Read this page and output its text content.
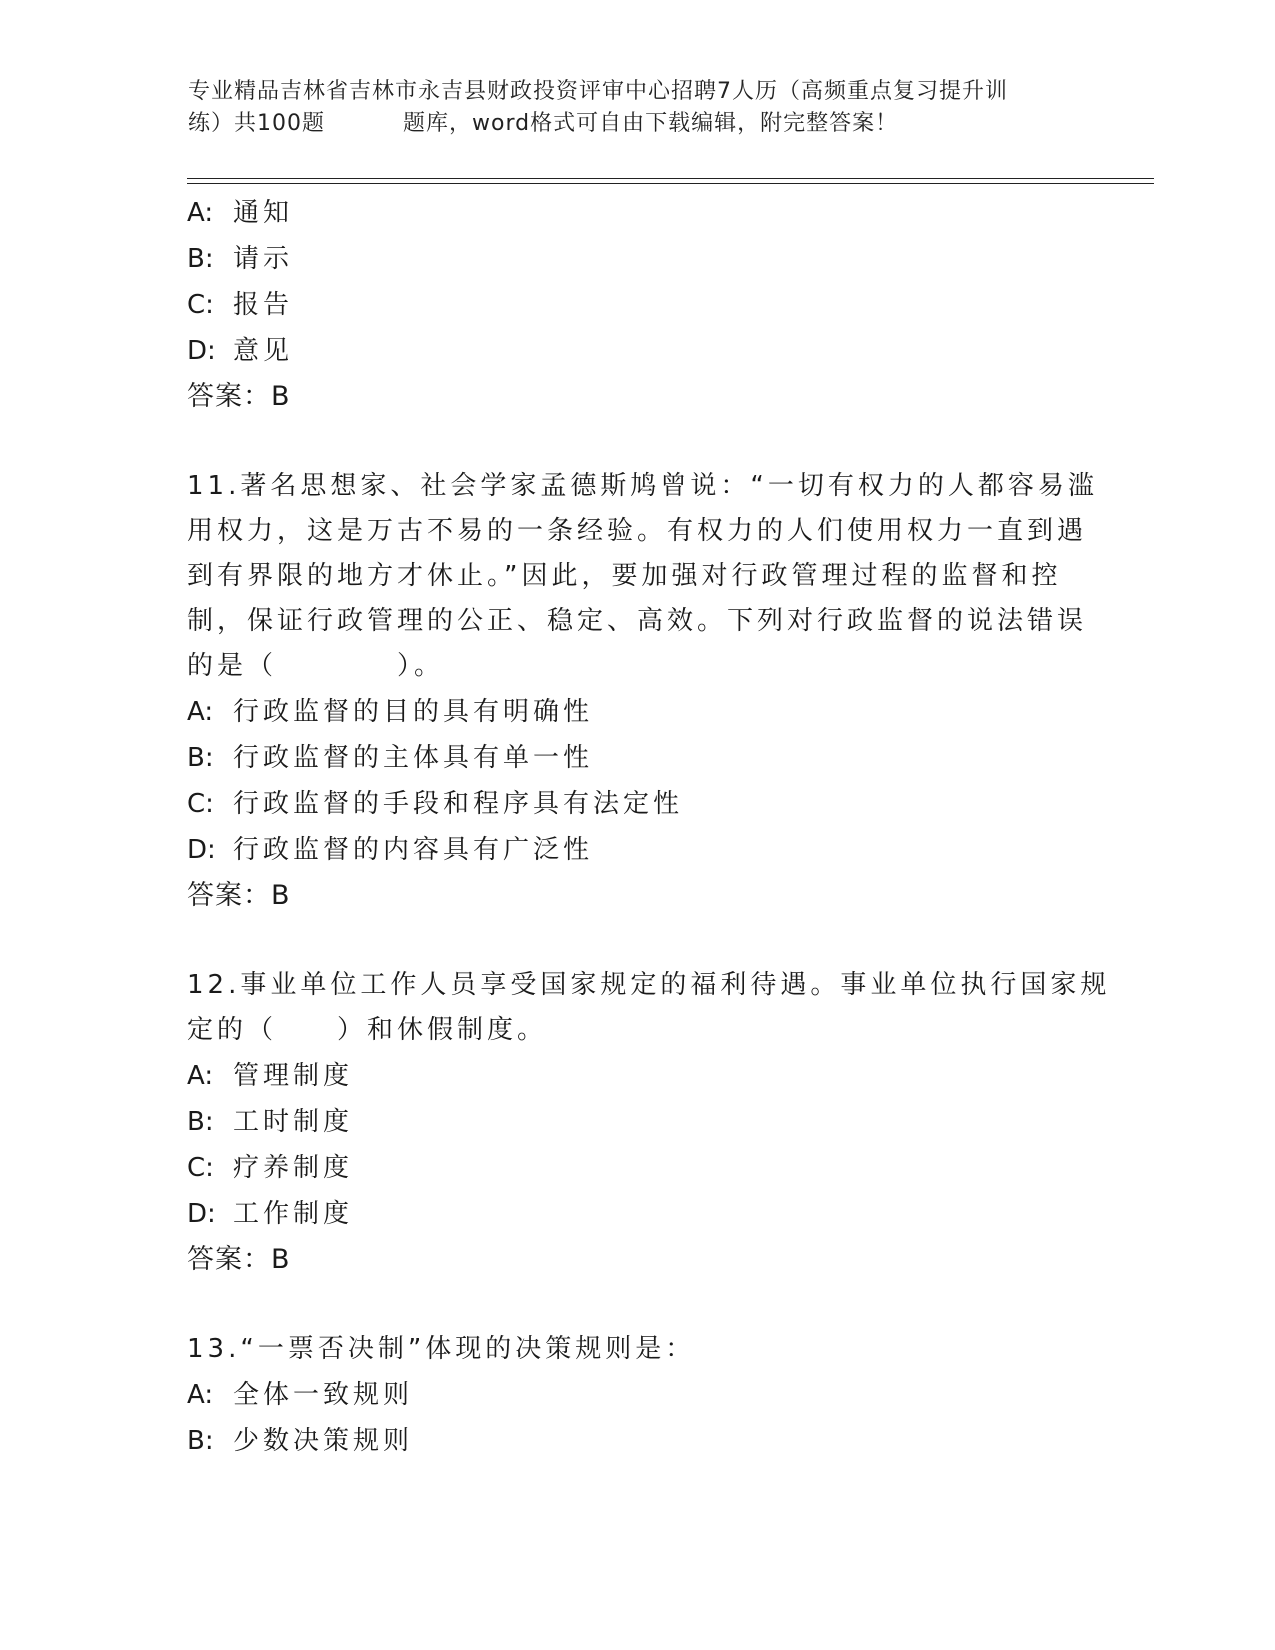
专业精品吉林省吉林市永吉县财政投资评审中心招聘7人历（高频重点复习提升训
练）共100题	题库，word格式可自由下载编辑，附完整答案！
A: 通知
B: 请示
C: 报告
D: 意见
答案：B
11.著名思想家、社会学家孟德斯鸠曾说：“一切有权力的人都容易滥
用权力，这是万古不易的一条经验。有权力的人们使用权力一直到遇
到有界限的地方才休止。”因此，要加强对行政管理过程的监督和控
制，保证行政管理的公正、稳定、高效。下列对行政监督的说法错误
的是（　　　　）。
A: 行政监督的目的具有明确性
B: 行政监督的主体具有单一性
C: 行政监督的手段和程序具有法定性
D: 行政监督的内容具有广泛性
答案：B
12.事业单位工作人员享受国家规定的福利待遇。事业单位执行国家规
定的（　　）和休假制度。
A: 管理制度
B: 工时制度
C: 疗养制度
D: 工作制度
答案：B
13.“一票否决制”体现的决策规则是：
A: 全体一致规则
B: 少数决策规则
